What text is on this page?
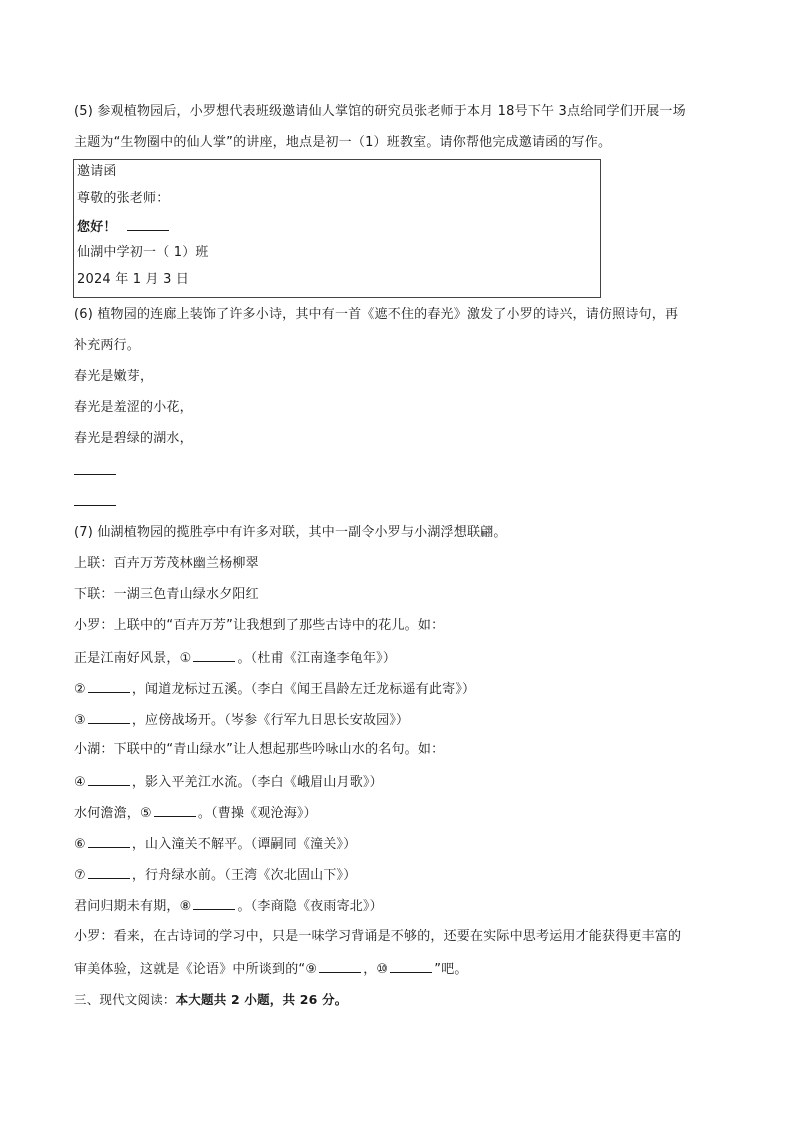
(5) 参观植物园后，小罗想代表班级邀请仙人掌馆的研究员张老师于本月 18号下午 3点给同学们开展一场
主题为“生物圈中的仙人掌”的讲座，地点是初一（1）班教室。请你帮他完成邀请函的写作。
邀请函
尊敬的张老师：
您好！
仙湖中学初一（ 1）班
2024 年 1 月 3 日
(6) 植物园的连廊上装饰了许多小诗，其中有一首《遮不住的春光》激发了小罗的诗兴，请仿照诗句，再
补充两行。
春光是嫩芽，
春光是羞涩的小花，
春光是碧绿的湖水，
(7) 仙湖植物园的揽胜亭中有许多对联，其中一副令小罗与小湖浮想联翩。
上联：百卉万芳茂林幽兰杨柳翠
下联：一湖三色青山绿水夕阳红
小罗：上联中的“百卉万芳”让我想到了那些古诗中的花儿。如：
正是江南好风景，①	。（杜甫《江南逢李龟年》）
②	，闻道龙标过五溪。（李白《闻王昌龄左迁龙标遥有此寄》）
③	，应傍战场开。（岑参《行军九日思长安故园》）
小湖：下联中的“青山绿水”让人想起那些吟咏山水的名句。如：
④	，影入平羌江水流。（李白《峨眉山月歌》）
水何澹澹，⑤	。（曹操《观沧海》）
⑥	，山入潼关不解平。（谭嗣同《潼关》）
⑦	，行舟绿水前。（王湾《次北固山下》）
君问归期未有期，⑧	。（李商隐《夜雨寄北》）
小罗：看来，在古诗词的学习中，只是一味学习背诵是不够的，还要在实际中思考运用才能获得更丰富的
审美体验，这就是《论语》中所谈到的“⑨	，⑩	”吧。
三、现代文阅读：本大题共 2 小题，共 26 分。
